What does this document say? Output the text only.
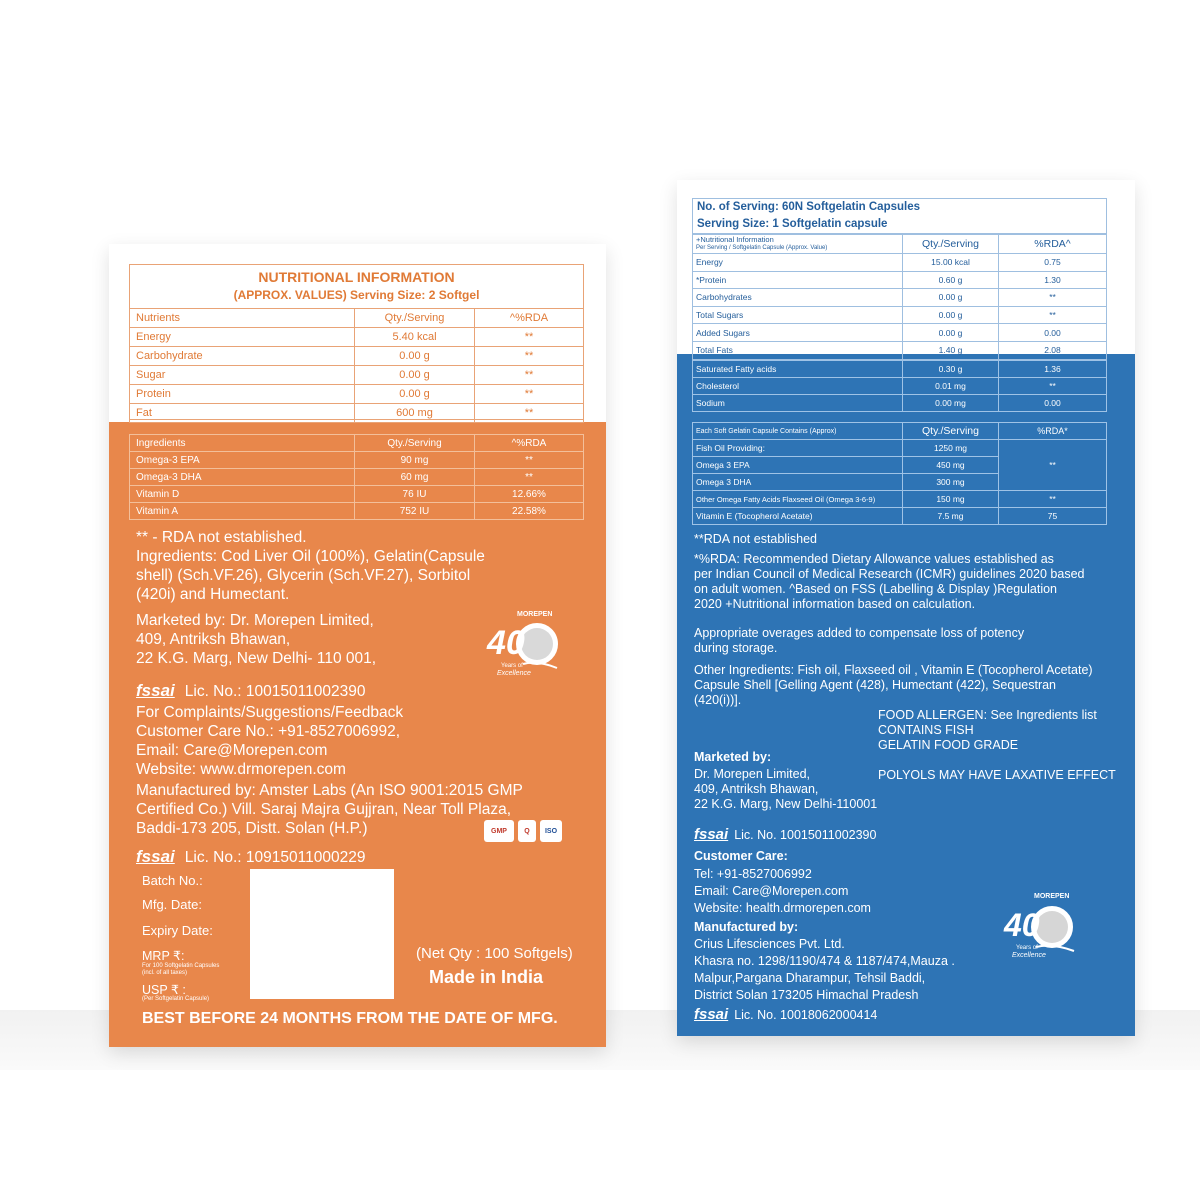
NUTRITIONAL INFORMATION
(APPROX. VALUES) Serving Size: 2 Softgel
Nutrients	Qty./Serving	^%RDA
Energy	5.40 kcal	**
Carbohydrate	0.00 g	**
Sugar	0.00 g	**
Protein	0.00 g	**
Fat	600 mg	**
Ingredients	Qty./Serving	^%RDA
Omega-3 EPA	90 mg	**
Omega-3 DHA	60 mg	**
Vitamin D	76 IU	12.66%
Vitamin A	752 IU	22.58%
** - RDA not established.
Ingredients: Cod Liver Oil (100%), Gelatin(Capsule
shell) (Sch.VF.26), Glycerin (Sch.VF.27), Sorbitol
(420i) and Humectant.
Marketed by: Dr. Morepen Limited,
409, Antriksh Bhawan,
22 K.G. Marg, New Delhi- 110 001,
MOREPEN
40
Years of
Excellence
fssai Lic. No.: 10015011002390
For Complaints/Suggestions/Feedback
Customer Care No.: +91-8527006992,
Email: Care@Morepen.com
Website: www.drmorepen.com
Manufactured by: Amster Labs (An ISO 9001:2015 GMP
Certified Co.) Vill. Saraj Majra Gujjran, Near Toll Plaza,
Baddi-173 205, Distt. Solan (H.P.)	GMP	Q	ISO
fssai Lic. No.: 10915011000229
Batch No.:
Mfg. Date:
Expiry Date:
MRP ₹:
For 100 Softgelatin Capsules
(incl. of all taxes)
USP ₹ :
(Per Softgelatin Capsule)
(Net Qty : 100 Softgels)
Made in India
BEST BEFORE 24 MONTHS FROM THE DATE OF MFG.
No. of Serving: 60N Softgelatin Capsules
Serving Size: 1 Softgelatin capsule
+Nutritional Information
Per Serving / Softgelatin Capsule (Approx. Value)	Qty./Serving	%RDA^
Energy	15.00 kcal	0.75
*Protein	0.60 g	1.30
Carbohydrates	0.00 g	**
Total Sugars	0.00 g	**
Added Sugars	0.00 g	0.00
Total Fats	1.40 g	2.08
Saturated Fatty acids	0.30 g	1.36
Cholesterol	0.01 mg	**
Sodium	0.00 mg	0.00
Each Soft Gelatin Capsule Contains (Approx)	Qty./Serving	%RDA*
Fish Oil Providing:	1250 mg	**
Omega 3 EPA	450 mg	
Omega 3 DHA	300 mg	
Other Omega Fatty Acids Flaxseed Oil (Omega 3-6-9)	150 mg	**
Vitamin E (Tocopherol Acetate)	7.5 mg	75
**RDA not established
*%RDA: Recommended Dietary Allowance values established as
per Indian Council of Medical Research (ICMR) guidelines 2020 based
on adult women. ^Based on FSS (Labelling & Display )Regulation
2020 +Nutritional information based on calculation.
Appropriate overages added to compensate loss of potency
during storage.
Other Ingredients: Fish oil, Flaxseed oil , Vitamin E (Tocopherol Acetate)
Capsule Shell [Gelling Agent (428), Humectant (422), Sequestran
(420(i))].
FOOD ALLERGEN: See Ingredients list
CONTAINS FISH
GELATIN FOOD GRADE
Marketed by:
Dr. Morepen Limited,
409, Antriksh Bhawan,
22 K.G. Marg, New Delhi-110001
POLYOLS MAY HAVE LAXATIVE EFFECT
fssai Lic. No. 10015011002390
Customer Care:
Tel: +91-8527006992
Email: Care@Morepen.com
Website: health.drmorepen.com
Manufactured by:
Crius Lifesciences Pvt. Ltd.
Khasra no. 1298/1190/474 & 1187/474,Mauza .
Malpur,Pargana Dharampur, Tehsil Baddi,
District Solan 173205 Himachal Pradesh
fssai Lic. No. 10018062000414
MOREPEN
40
Years of
Excellence
